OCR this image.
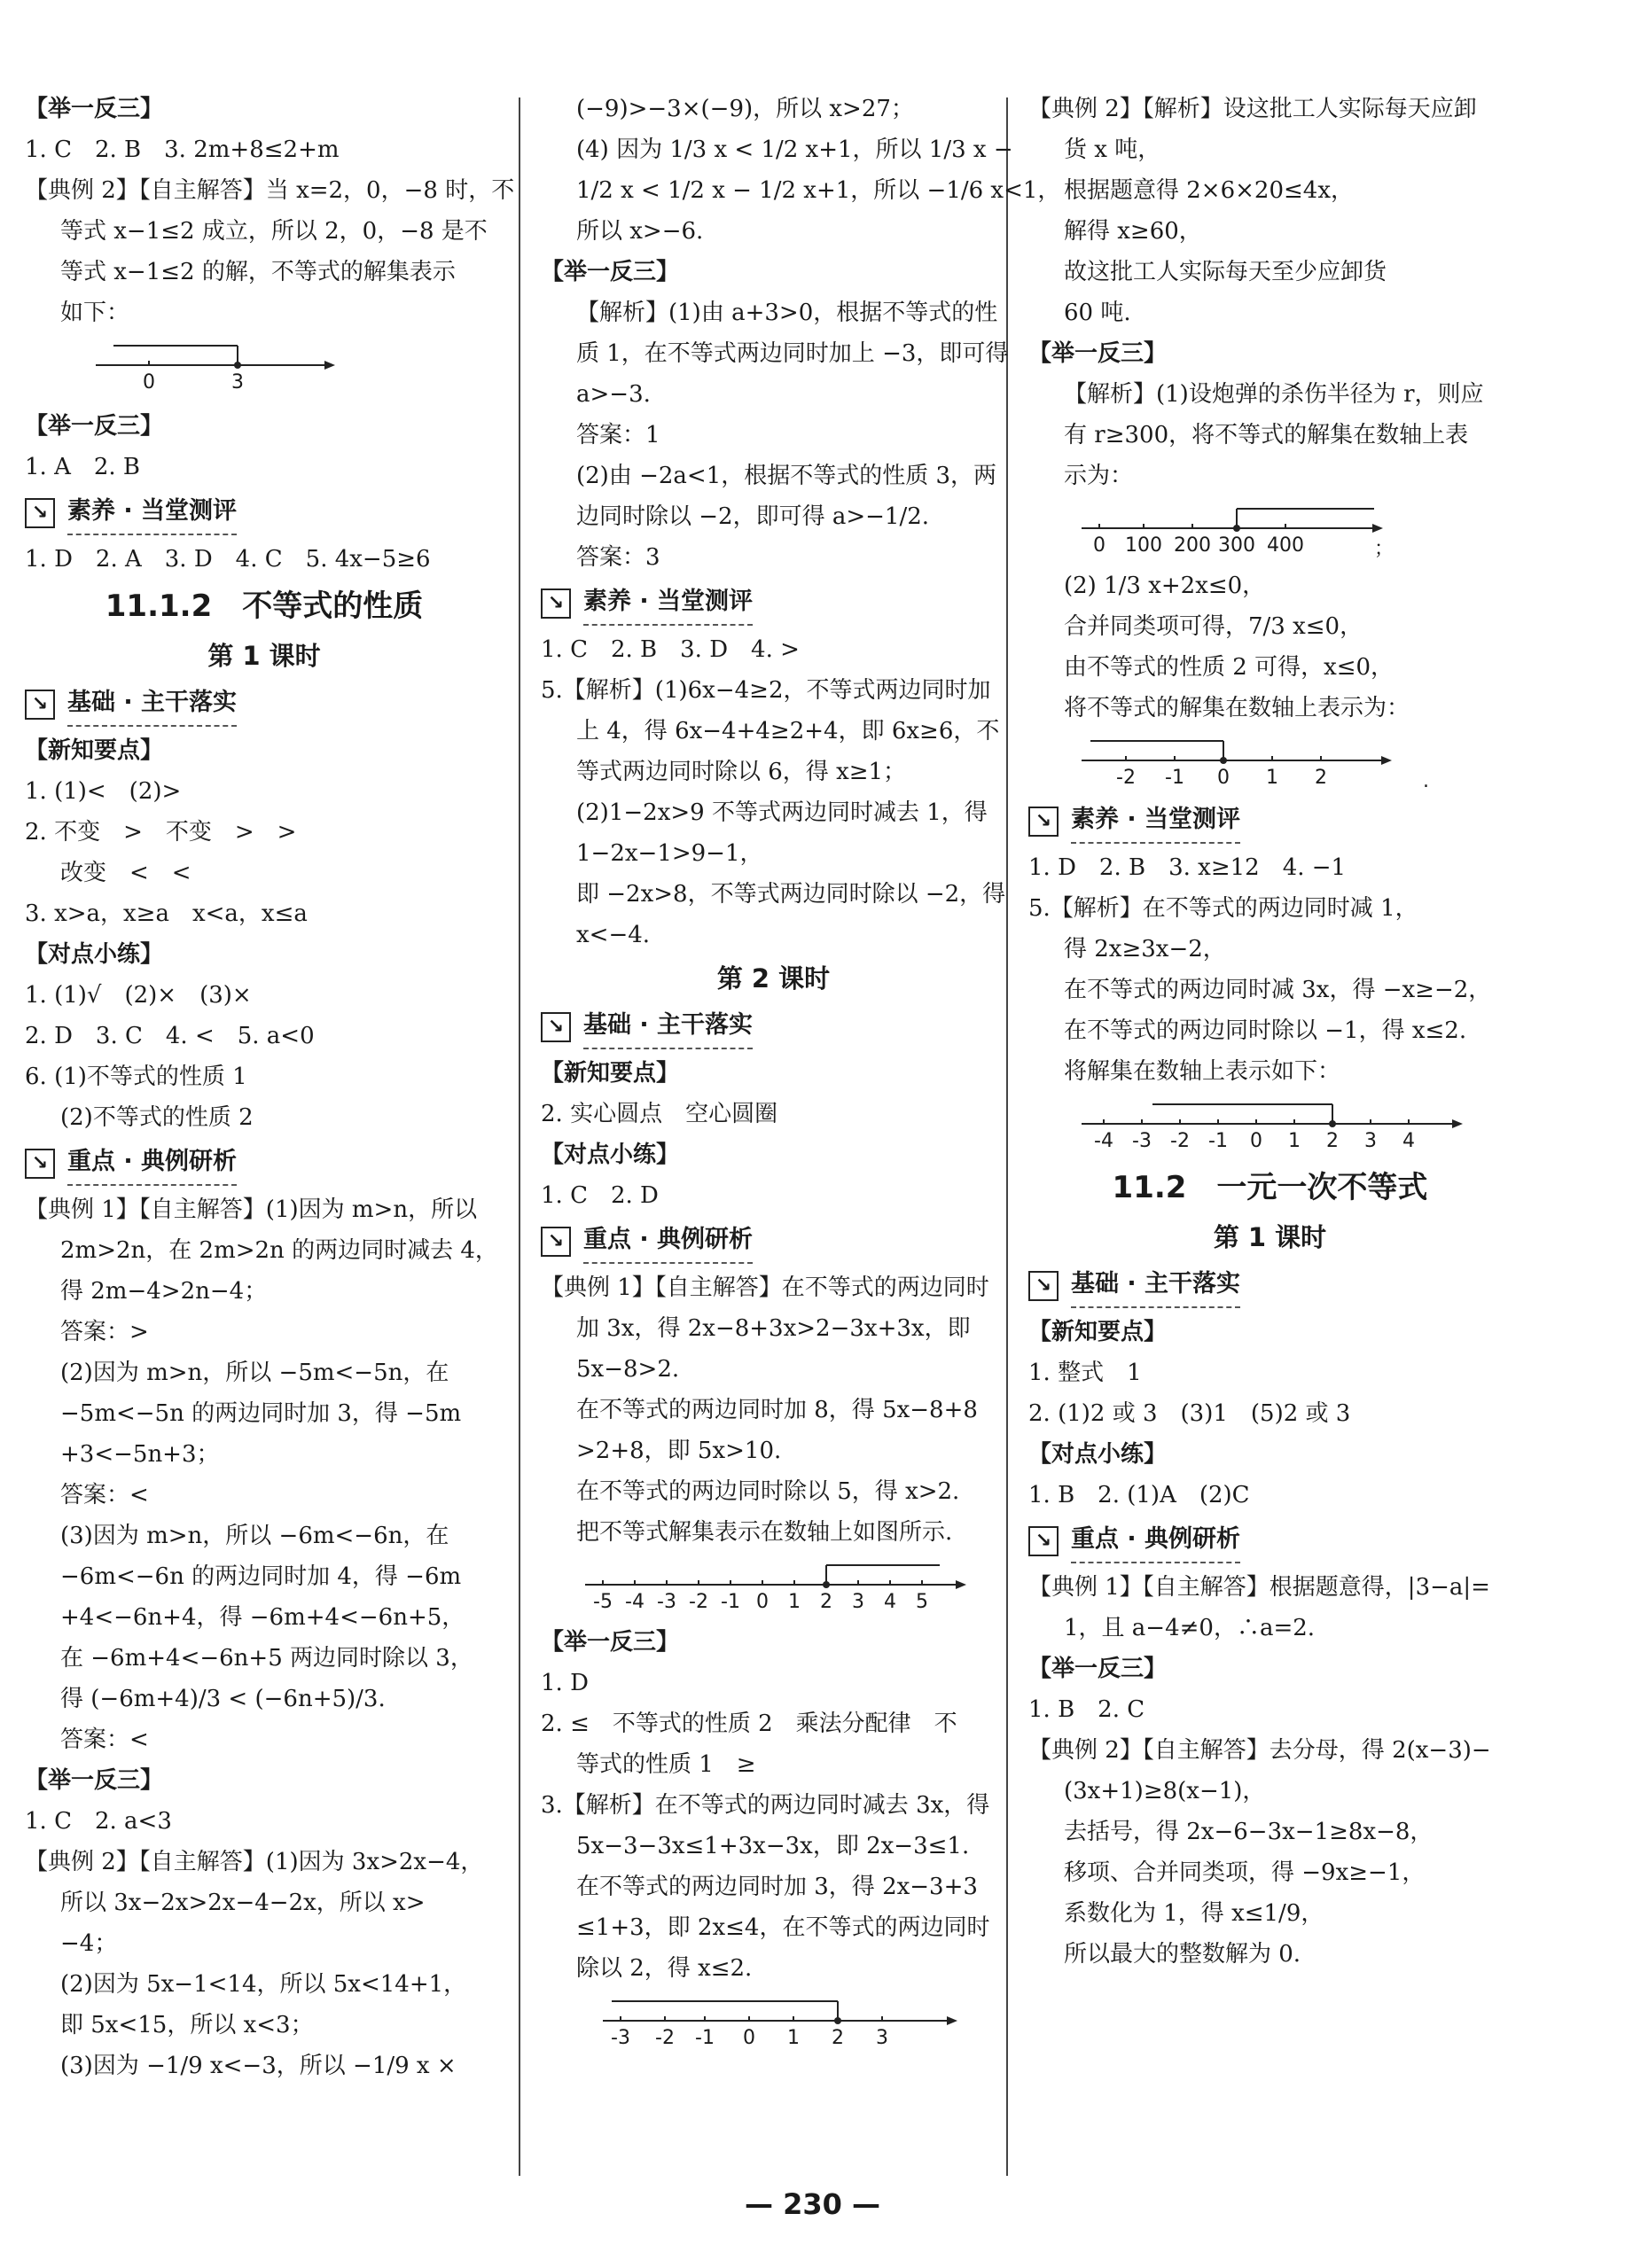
【举一反三】
1. C　2. B　3. 2m+8≤2+m
【典例 2】【自主解答】当 x=2，0，−8 时，不
等式 x−1≤2 成立，所以 2，0，−8 是不
等式 x−1≤2 的解，不等式的解集表示
如下：
0	3
【举一反三】
1. A　2. B
↘ 素养 · 当堂测评
1. D　2. A　3. D　4. C　5. 4x−5≥6
11.1.2　不等式的性质
第 1 课时
↘ 基础 · 主干落实
【新知要点】
1. (1)<　(2)>
2. 不变　>　不变　>　>
改变　<　<
3. x>a，x≥a　x<a，x≤a
【对点小练】
1. (1)√　(2)×　(3)×
2. D　3. C　4. <　5. a<0
6. (1)不等式的性质 1
(2)不等式的性质 2
↘ 重点 · 典例研析
【典例 1】【自主解答】(1)因为 m>n，所以
2m>2n，在 2m>2n 的两边同时减去 4，
得 2m−4>2n−4；
答案：>
(2)因为 m>n，所以 −5m<−5n，在
−5m<−5n 的两边同时加 3，得 −5m
+3<−5n+3；
答案：<
(3)因为 m>n，所以 −6m<−6n，在
−6m<−6n 的两边同时加 4，得 −6m
+4<−6n+4，得 −6m+4<−6n+5，
在 −6m+4<−6n+5 两边同时除以 3，
得 (−6m+4)/3 < (−6n+5)/3.
答案：<
【举一反三】
1. C　2. a<3
【典例 2】【自主解答】(1)因为 3x>2x−4，
所以 3x−2x>2x−4−2x，所以 x>
−4；
(2)因为 5x−1<14，所以 5x<14+1，
即 5x<15，所以 x<3；
(3)因为 −1/9 x<−3，所以 −1/9 x ×
(−9)>−3×(−9)，所以 x>27；
(4) 因为 1/3 x < 1/2 x+1，所以 1/3 x −
1/2 x < 1/2 x − 1/2 x+1，所以 −1/6 x<1，
所以 x>−6.
【举一反三】
【解析】(1)由 a+3>0，根据不等式的性
质 1，在不等式两边同时加上 −3，即可得
a>−3.
答案：1
(2)由 −2a<1，根据不等式的性质 3，两
边同时除以 −2，即可得 a>−1/2.
答案：3
↘ 素养 · 当堂测评
1. C　2. B　3. D　4. >
5.【解析】(1)6x−4≥2，不等式两边同时加
上 4，得 6x−4+4≥2+4，即 6x≥6，不
等式两边同时除以 6，得 x≥1；
(2)1−2x>9 不等式两边同时减去 1，得
1−2x−1>9−1，
即 −2x>8，不等式两边同时除以 −2，得
x<−4.
第 2 课时
↘ 基础 · 主干落实
【新知要点】
2. 实心圆点　空心圆圈
【对点小练】
1. C　2. D
↘ 重点 · 典例研析
【典例 1】【自主解答】在不等式的两边同时
加 3x，得 2x−8+3x>2−3x+3x，即
5x−8>2.
在不等式的两边同时加 8，得 5x−8+8
>2+8，即 5x>10.
在不等式的两边同时除以 5，得 x>2.
把不等式解集表示在数轴上如图所示.
-5 -4 -3 -2 -1 0 1 2 3 4 5
【举一反三】
1. D
2. ≤　不等式的性质 2　乘法分配律　不
等式的性质 1　≥
3.【解析】在不等式的两边同时减去 3x，得
5x−3−3x≤1+3x−3x，即 2x−3≤1.
在不等式的两边同时加 3，得 2x−3+3
≤1+3，即 2x≤4，在不等式的两边同时
除以 2，得 x≤2.
-3 -2 -1 0 1 2 3
【典例 2】【解析】设这批工人实际每天应卸
货 x 吨，
根据题意得 2×6×20≤4x，
解得 x≥60，
故这批工人实际每天至少应卸货
60 吨.
【举一反三】
【解析】(1)设炮弹的杀伤半径为 r，则应
有 r≥300，将不等式的解集在数轴上表
示为：
0 100 200 300 400	；
(2) 1/3 x+2x≤0，
合并同类项可得，7/3 x≤0，
由不等式的性质 2 可得，x≤0，
将不等式的解集在数轴上表示为：
-2 -1 0 1 2	.
↘ 素养 · 当堂测评
1. D　2. B　3. x≥12　4. −1
5.【解析】在不等式的两边同时减 1，
得 2x≥3x−2，
在不等式的两边同时减 3x，得 −x≥−2，
在不等式的两边同时除以 −1，得 x≤2.
将解集在数轴上表示如下：
-4 -3 -2 -1 0 1 2 3 4
11.2　一元一次不等式
第 1 课时
↘ 基础 · 主干落实
【新知要点】
1. 整式　1
2. (1)2 或 3　(3)1　(5)2 或 3
【对点小练】
1. B　2. (1)A　(2)C
↘ 重点 · 典例研析
【典例 1】【自主解答】根据题意得，|3−a|=
1，且 a−4≠0，∴a=2.
【举一反三】
1. B　2. C
【典例 2】【自主解答】去分母，得 2(x−3)−
(3x+1)≥8(x−1)，
去括号，得 2x−6−3x−1≥8x−8，
移项、合并同类项，得 −9x≥−1，
系数化为 1，得 x≤1/9，
所以最大的整数解为 0.
— 230 —
